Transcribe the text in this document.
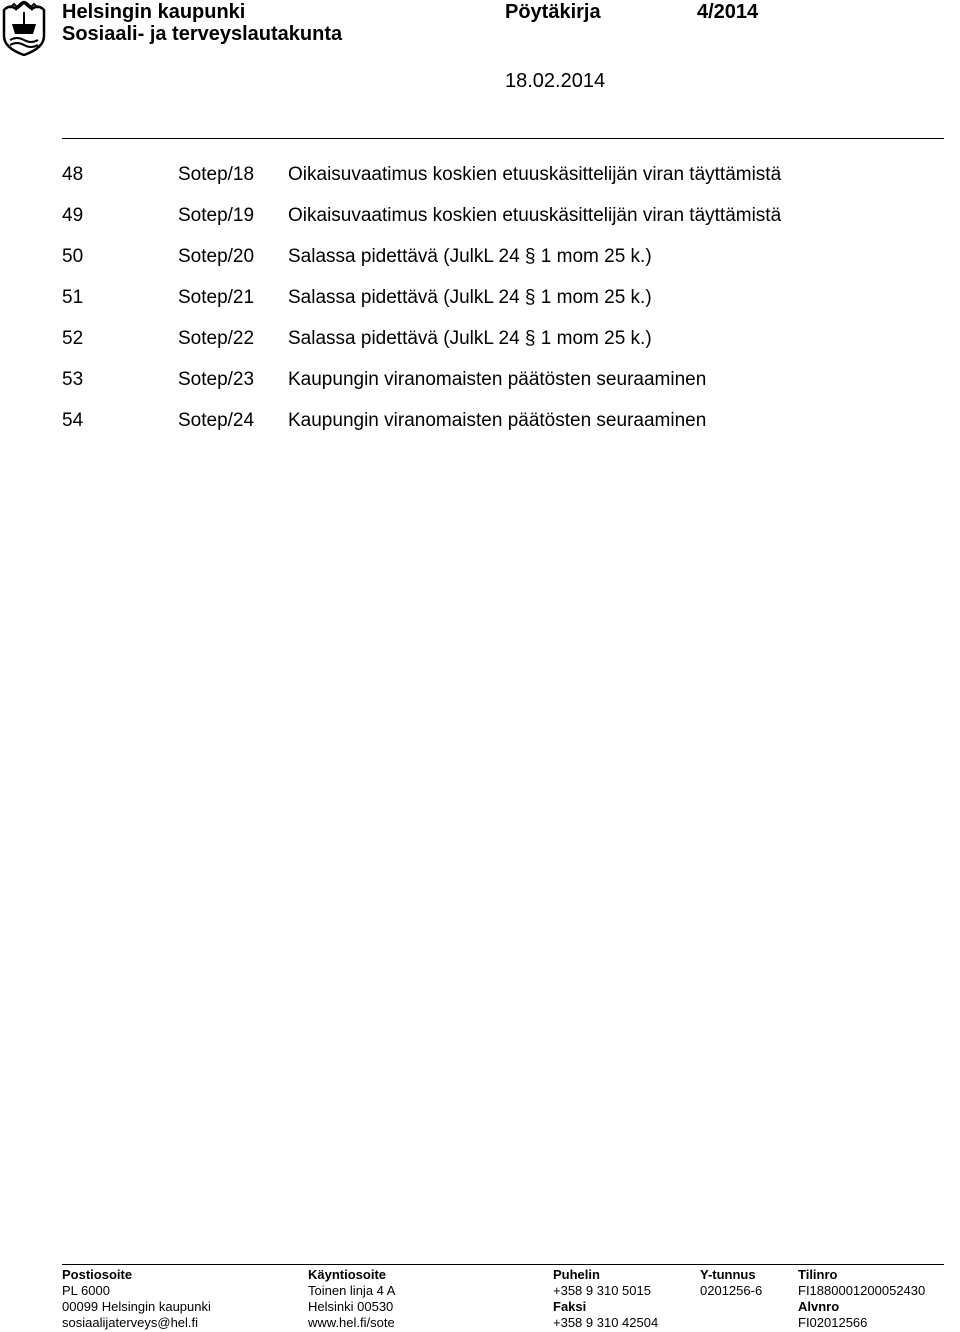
Helsingin kaupunki
Sosiaali- ja terveyslautakunta
Pöytäkirja	4/2014
18.02.2014
48	Sotep/18 Oikaisuvaatimus koskien etuuskäsittelijän viran täyttämistä
49	Sotep/19 Oikaisuvaatimus koskien etuuskäsittelijän viran täyttämistä
50	Sotep/20 Salassa pidettävä (JulkL 24 § 1 mom 25 k.)
51	Sotep/21 Salassa pidettävä (JulkL 24 § 1 mom 25 k.)
52	Sotep/22 Salassa pidettävä (JulkL 24 § 1 mom 25 k.)
53	Sotep/23 Kaupungin viranomaisten päätösten seuraaminen
54	Sotep/24 Kaupungin viranomaisten päätösten seuraaminen
Postiosoite
PL 6000
00099 Helsingin kaupunki
sosiaalijaterveys@hel.fi
Käyntiosoite
Toinen linja 4 A
Helsinki 00530
www.hel.fi/sote
Puhelin
+358 9 310 5015
Faksi
+358 9 310 42504
Y-tunnus
0201256-6
Tilinro
FI1880001200052430
Alvnro
FI02012566
